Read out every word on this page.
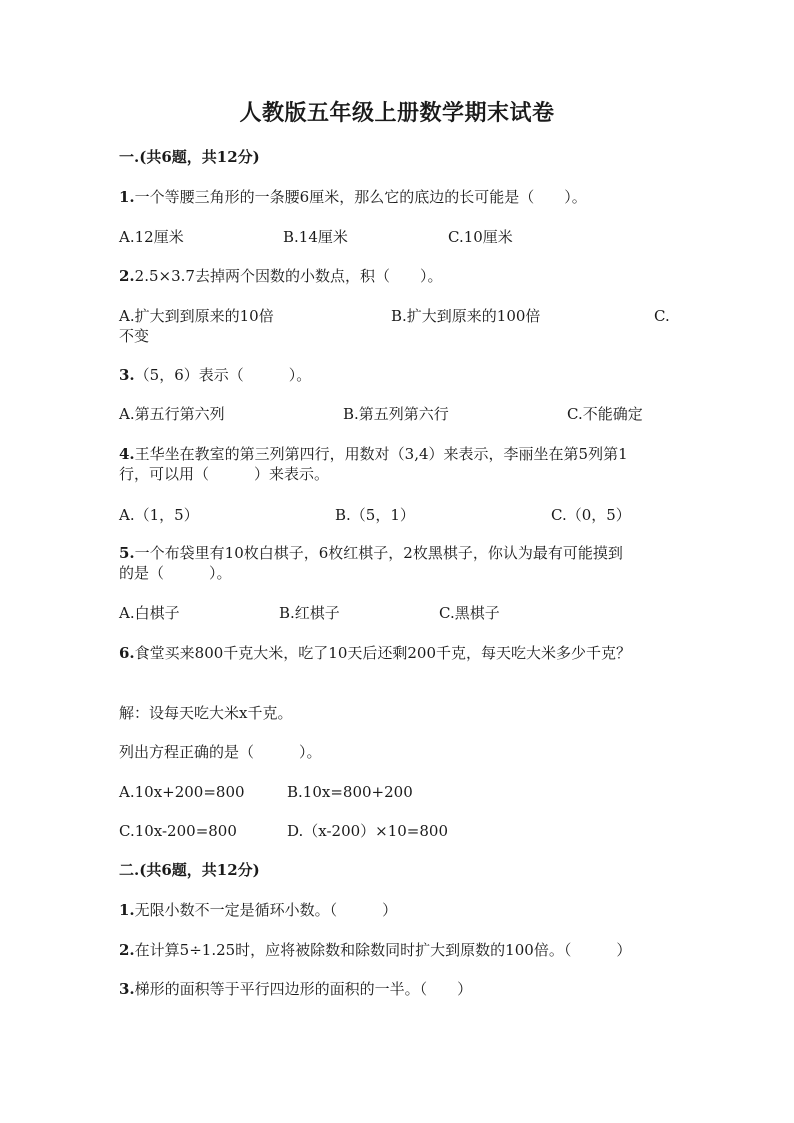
人教版五年级上册数学期末试卷
一.(共6题，共12分)
1.一个等腰三角形的一条腰6厘米，那么它的底边的长可能是（　　）。
A.12厘米	B.14厘米	C.10厘米
2.2.5×3.7去掉两个因数的小数点，积（　　）。
A.扩大到到原来的10倍	B.扩大到原来的100倍	C.
不变
3.（5，6）表示（　　　）。
A.第五行第六列	B.第五列第六行	C.不能确定
4.王华坐在教室的第三列第四行，用数对（3,4）来表示，李丽坐在第5列第1
行，可以用（　　　）来表示。
A.（1，5）	B.（5，1）	C.（0，5）
5.一个布袋里有10枚白棋子，6枚红棋子，2枚黑棋子，你认为最有可能摸到
的是（　　　）。
A.白棋子	B.红棋子	C.黑棋子
6.食堂买来800千克大米，吃了10天后还剩200千克，每天吃大米多少千克？
解：设每天吃大米x千克。
列出方程正确的是（　　　）。
A.10x+200=800	B.10x=800+200
C.10x-200=800	D.（x-200）×10=800
二.(共6题，共12分)
1.无限小数不一定是循环小数。（　　　）
2.在计算5÷1.25时，应将被除数和除数同时扩大到原数的100倍。（　　　）
3.梯形的面积等于平行四边形的面积的一半。（　　）
